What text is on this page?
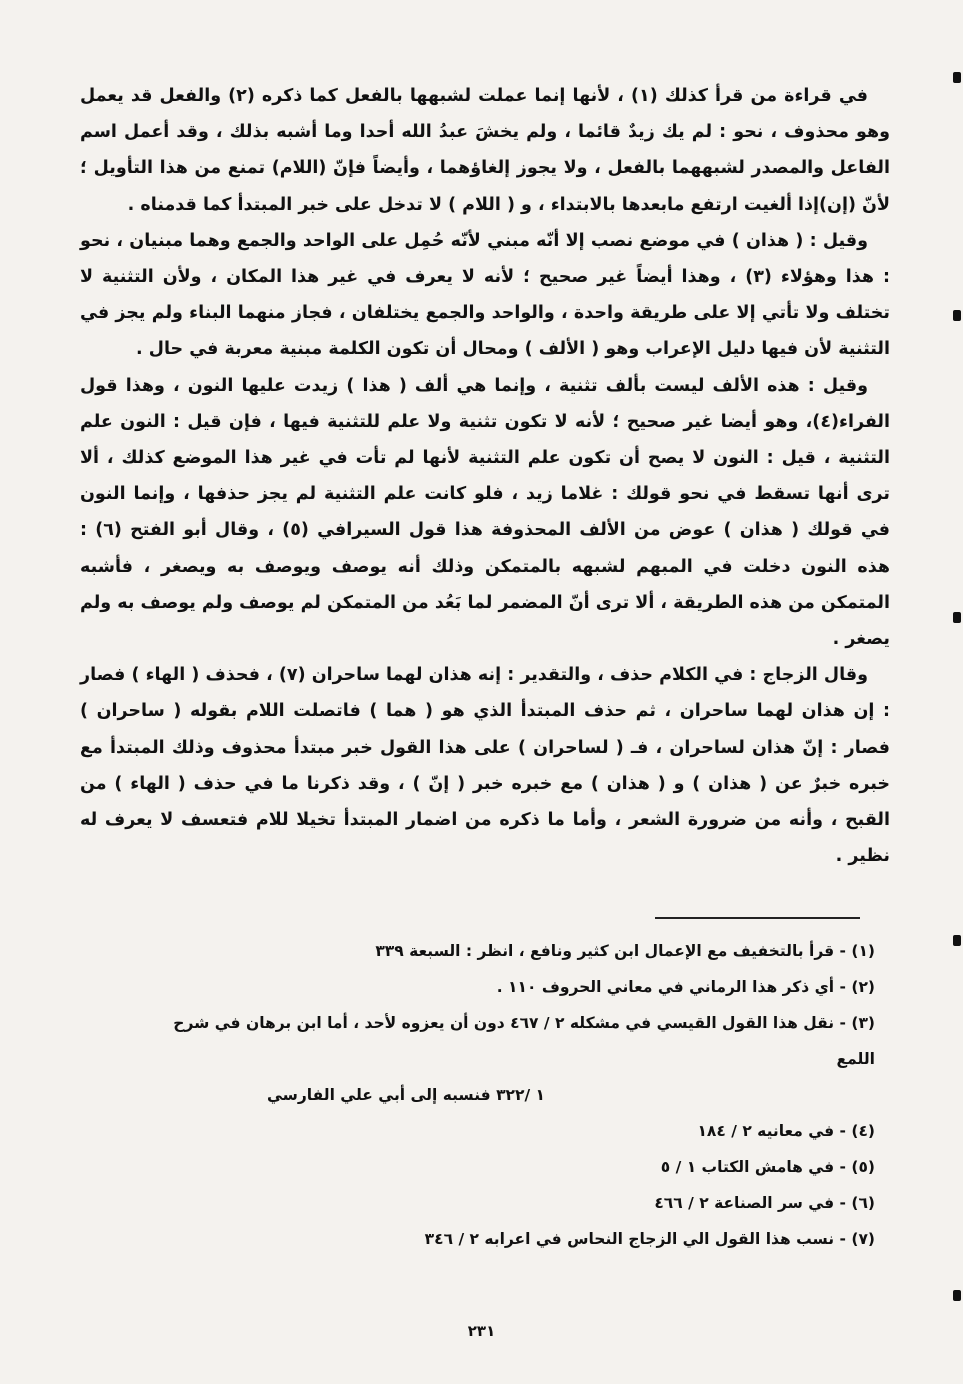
في قراءة من قرأ كذلك (١) ، لأنها إنما عملت لشبهها بالفعل كما ذكره (٢) والفعل قد يعمل وهو محذوف ، نحو : لم يك زيدٌ قائما ، ولم يخشَ عبدُ الله أحدا وما أشبه بذلك ، وقد أعمل اسم الفاعل والمصدر لشبههما بالفعل ، ولا يجوز إلغاؤهما ، وأيضاً فإنّ (اللام) تمنع من هذا التأويل ؛ لأنّ (إن)إذا ألغيت ارتفع مابعدها بالابتداء ، و ( اللام ) لا تدخل على خبر المبتدأ كما قدمناه .

وقيل : ( هذان ) في موضع نصب إلا أنّه مبني لأنّه حُمِل على الواحد والجمع وهما مبنيان ، نحو : هذا وهؤلاء (٣) ، وهذا أيضاً غير صحيح ؛ لأنه لا يعرف في غير هذا المكان ، ولأن التثنية لا تختلف ولا تأتي إلا على طريقة واحدة ، والواحد والجمع يختلفان ، فجاز منهما البناء ولم يجز في التثنية لأن فيها دليل الإعراب وهو ( الألف ) ومحال أن تكون الكلمة مبنية معربة في حال .

وقيل : هذه الألف ليست بألف تثنية ، وإنما هي ألف ( هذا ) زيدت عليها النون ، وهذا قول الفراء(٤)، وهو أيضا غير صحيح ؛ لأنه لا تكون تثنية ولا علم للتثنية فيها ، فإن قيل : النون علم التثنية ، قيل : النون لا يصح أن تكون علم التثنية لأنها لم تأت في غير هذا الموضع كذلك ، ألا ترى أنها تسقط في نحو قولك : غلاما زيد ، فلو كانت علم التثنية لم يجز حذفها ، وإنما النون في قولك ( هذان ) عوض من الألف المحذوفة هذا قول السيرافي (٥) ، وقال أبو الفتح (٦) : هذه النون دخلت في المبهم لشبهه بالمتمكن وذلك أنه يوصف ويوصف به ويصغر ، فأشبه المتمكن من هذه الطريقة ، ألا ترى أنّ المضمر لما بَعُد من المتمكن لم يوصف ولم يوصف به ولم يصغر .

وقال الزجاج : في الكلام حذف ، والتقدير : إنه هذان لهما ساحران (٧) ، فحذف ( الهاء ) فصار : إن هذان لهما ساحران ، ثم حذف المبتدأ الذي هو ( هما ) فاتصلت اللام بقوله ( ساحران ) فصار : إنّ هذان لساحران ، فـ ( لساحران ) على هذا القول خبر مبتدأ محذوف وذلك المبتدأ مع خبره خبرٌ عن ( هذان ) و ( هذان ) مع خبره خبر ( إنّ ) ، وقد ذكرنا ما في حذف ( الهاء ) من القبح ، وأنه من ضرورة الشعر ، وأما ما ذكره من اضمار المبتدأ تخيلا للام فتعسف لا يعرف له نظير .

(١) - قرأ بالتخفيف مع الإعمال ابن كثير ونافع ، انظر : السبعة ٣٣٩

(٢) - أي ذكر هذا الرماني في معاني الحروف ١١٠ .

(٣) - نقل هذا القول القيسي في مشكله ٢ / ٤٦٧ دون أن يعزوه لأحد ، أما ابن برهان في شرح اللمع

١ /٣٢٢ فنسبه إلى أبي علي الفارسي

(٤) - في معانيه ٢ / ١٨٤

(٥) - في هامش الكتاب ١ / ٥

(٦) - في سر الصناعة ٢ / ٤٦٦

(٧) - نسب هذا القول الي الزجاج النحاس في اعرابه ٢ / ٣٤٦

٢٣١
